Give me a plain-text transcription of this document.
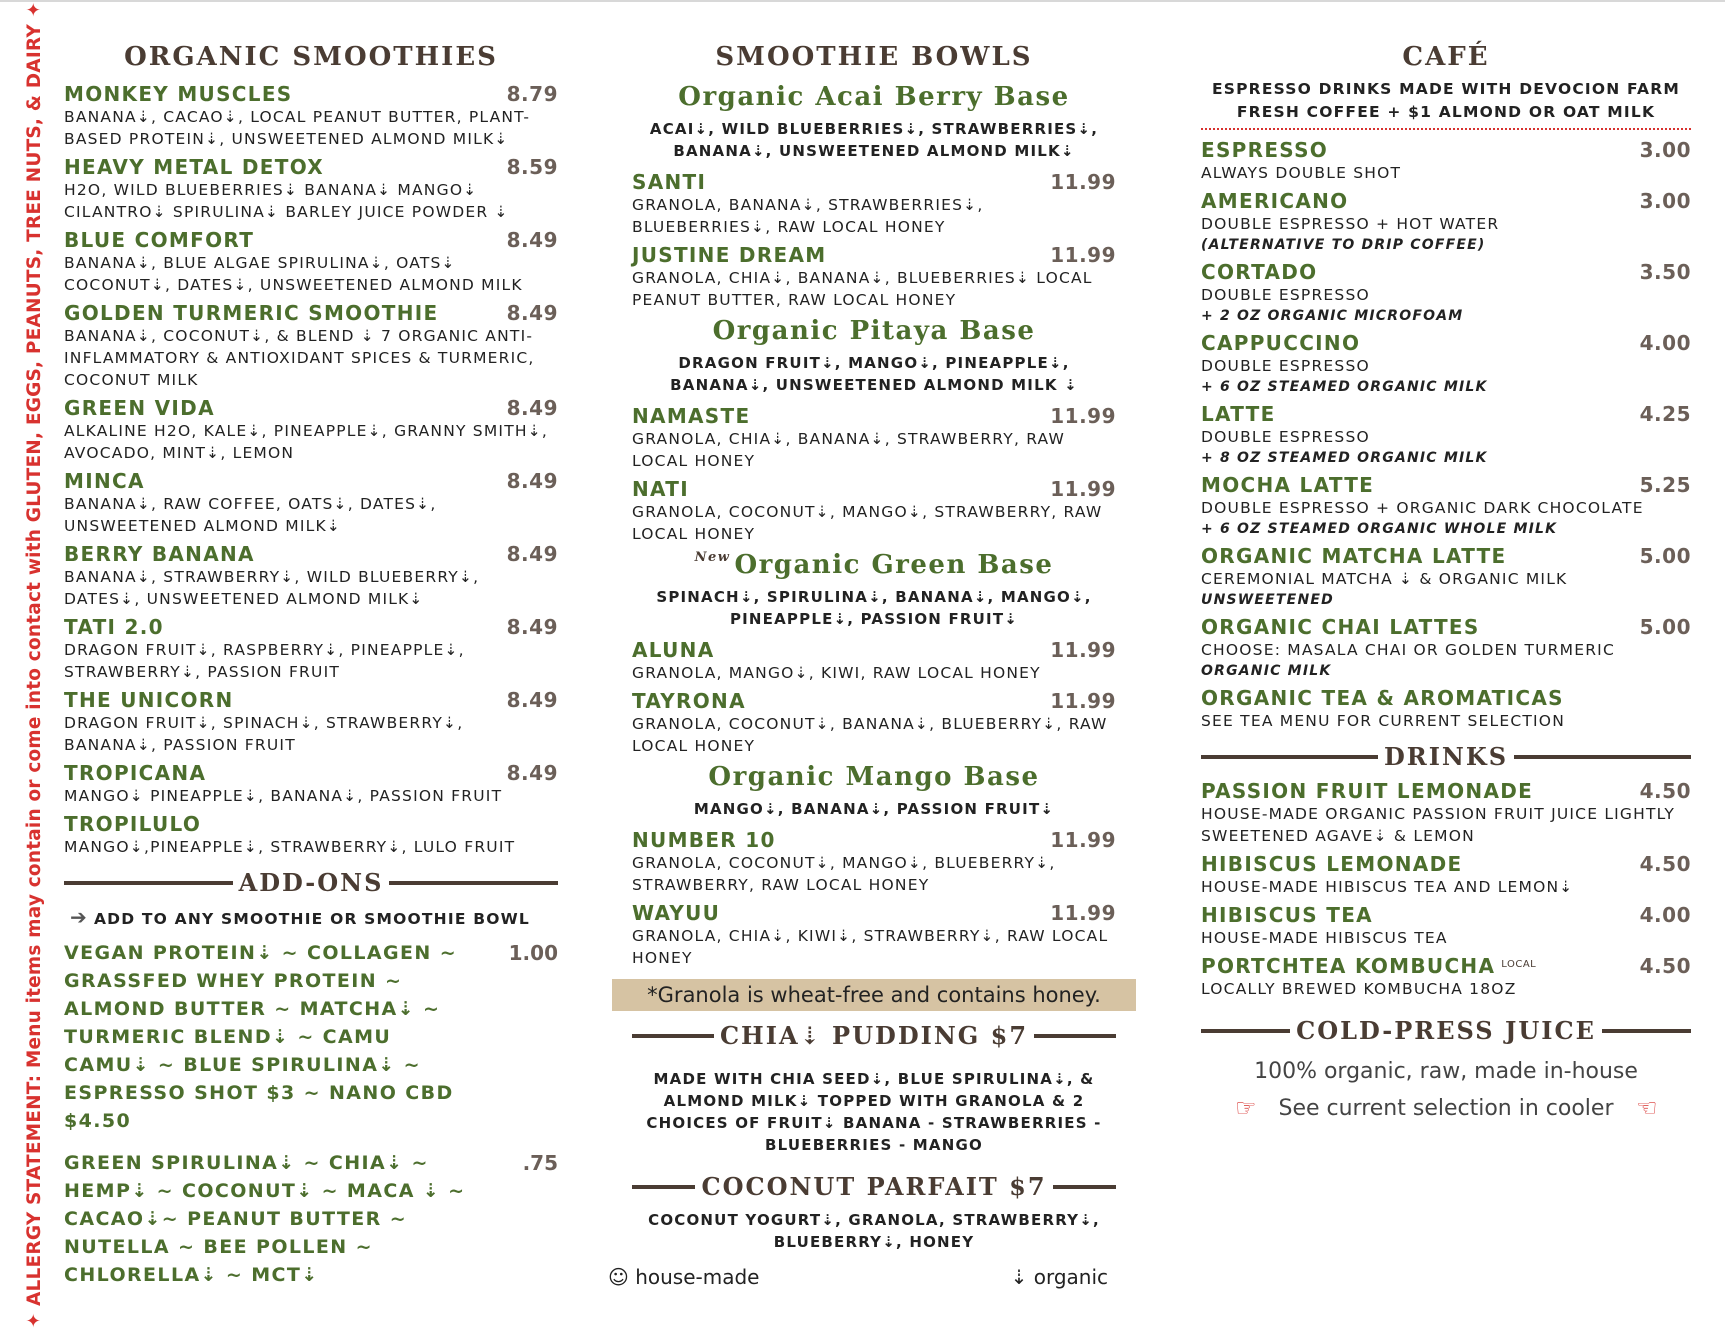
✦ ALLERGY STATEMENT: Menu items may contain or come into contact with GLUTEN, EGGS, PEANUTS, TREE NUTS, & DAIRY ✦	ORGANIC SMOOTHIES
MONKEY MUSCLES	8.79
BANANA⇣, CACAO⇣, LOCAL PEANUT BUTTER, PLANT-BASED PROTEIN⇣, UNSWEETENED ALMOND MILK⇣
HEAVY METAL DETOX	8.59
H2O, WILD BLUEBERRIES⇣ BANANA⇣ MANGO⇣ CILANTRO⇣ SPIRULINA⇣ BARLEY JUICE POWDER ⇣
BLUE COMFORT	8.49
BANANA⇣, BLUE ALGAE SPIRULINA⇣, OATS⇣ COCONUT⇣, DATES⇣, UNSWEETENED ALMOND MILK
GOLDEN TURMERIC SMOOTHIE	8.49
BANANA⇣, COCONUT⇣, & BLEND ⇣ 7 ORGANIC ANTI-INFLAMMATORY & ANTIOXIDANT SPICES & TURMERIC, COCONUT MILK
GREEN VIDA	8.49
ALKALINE H2O, KALE⇣, PINEAPPLE⇣, GRANNY SMITH⇣, AVOCADO, MINT⇣, LEMON
MINCA	8.49
BANANA⇣, RAW COFFEE, OATS⇣, DATES⇣, UNSWEETENED ALMOND MILK⇣
BERRY BANANA	8.49
BANANA⇣, STRAWBERRY⇣, WILD BLUEBERRY⇣, DATES⇣, UNSWEETENED ALMOND MILK⇣
TATI 2.0	8.49
DRAGON FRUIT⇣, RASPBERRY⇣, PINEAPPLE⇣, STRAWBERRY⇣, PASSION FRUIT
THE UNICORN	8.49
DRAGON FRUIT⇣, SPINACH⇣, STRAWBERRY⇣, BANANA⇣, PASSION FRUIT
TROPICANA	8.49
MANGO⇣ PINEAPPLE⇣, BANANA⇣, PASSION FRUIT
TROPILULO
MANGO⇣,PINEAPPLE⇣, STRAWBERRY⇣, LULO FRUIT
ADD-ONS
➔ ADD TO ANY SMOOTHIE OR SMOOTHIE BOWL
VEGAN PROTEIN⇣ ~ COLLAGEN ~ GRASSFED WHEY PROTEIN ~ ALMOND BUTTER ~ MATCHA⇣ ~ TURMERIC BLEND⇣ ~ CAMU CAMU⇣ ~ BLUE SPIRULINA⇣ ~ ESPRESSO SHOT $3 ~ NANO CBD $4.50
1.00
GREEN SPIRULINA⇣ ~ CHIA⇣ ~ HEMP⇣ ~ COCONUT⇣ ~ MACA ⇣ ~ CACAO⇣~ PEANUT BUTTER ~ NUTELLA ~ BEE POLLEN ~ CHLORELLA⇣ ~ MCT⇣
.75
SMOOTHIE BOWLS
Organic Acai Berry Base
ACAI⇣, WILD BLUEBERRIES⇣, STRAWBERRIES⇣, BANANA⇣, UNSWEETENED ALMOND MILK⇣
SANTI	11.99
GRANOLA, BANANA⇣, STRAWBERRIES⇣, BLUEBERRIES⇣, RAW LOCAL HONEY
JUSTINE DREAM	11.99
GRANOLA, CHIA⇣, BANANA⇣, BLUEBERRIES⇣ LOCAL PEANUT BUTTER, RAW LOCAL HONEY
Organic Pitaya Base
DRAGON FRUIT⇣, MANGO⇣, PINEAPPLE⇣, BANANA⇣, UNSWEETENED ALMOND MILK ⇣
NAMASTE	11.99
GRANOLA, CHIA⇣, BANANA⇣, STRAWBERRY, RAW LOCAL HONEY
NATI	11.99
GRANOLA, COCONUT⇣, MANGO⇣, STRAWBERRY, RAW LOCAL HONEY
$^{New}$ Organic Green Base
SPINACH⇣, SPIRULINA⇣, BANANA⇣, MANGO⇣, PINEAPPLE⇣, PASSION FRUIT⇣
ALUNA	11.99
GRANOLA, MANGO⇣, KIWI, RAW LOCAL HONEY
TAYRONA	11.99
GRANOLA, COCONUT⇣, BANANA⇣, BLUEBERRY⇣, RAW LOCAL HONEY
Organic Mango Base
MANGO⇣, BANANA⇣, PASSION FRUIT⇣
NUMBER 10	11.99
GRANOLA, COCONUT⇣, MANGO⇣, BLUEBERRY⇣, STRAWBERRY, RAW LOCAL HONEY
WAYUU	11.99
GRANOLA, CHIA⇣, KIWI⇣, STRAWBERRY⇣, RAW LOCAL HONEY
*Granola is wheat-free and contains honey.
CHIA⇣ PUDDING $7
MADE WITH CHIA SEED⇣, BLUE SPIRULINA⇣, & ALMOND MILK⇣ TOPPED WITH GRANOLA & 2 CHOICES OF FRUIT⇣ BANANA - STRAWBERRIES - BLUEBERRIES - MANGO
COCONUT PARFAIT $7
COCONUT YOGURT⇣, GRANOLA, STRAWBERRY⇣, BLUEBERRY⇣, HONEY
☺ house-made	⇣ organic
CAFÉ
ESPRESSO DRINKS MADE WITH DEVOCION FARM FRESH COFFEE + $1 ALMOND OR OAT MILK
ESPRESSO	3.00
ALWAYS DOUBLE SHOT
AMERICANO	3.00
DOUBLE ESPRESSO + HOT WATER
(ALTERNATIVE TO DRIP COFFEE)
CORTADO	3.50
DOUBLE ESPRESSO
+ 2 OZ ORGANIC MICROFOAM
CAPPUCCINO	4.00
DOUBLE ESPRESSO
+ 6 OZ STEAMED ORGANIC MILK
LATTE	4.25
DOUBLE ESPRESSO
+ 8 OZ STEAMED ORGANIC MILK
MOCHA LATTE	5.25
DOUBLE ESPRESSO + ORGANIC DARK CHOCOLATE
+ 6 OZ STEAMED ORGANIC WHOLE MILK
ORGANIC MATCHA LATTE	5.00
CEREMONIAL MATCHA ⇣ & ORGANIC MILK
UNSWEETENED
ORGANIC CHAI LATTES	5.00
CHOOSE: MASALA CHAI OR GOLDEN TURMERIC
ORGANIC MILK
ORGANIC TEA & AROMATICAS
SEE TEA MENU FOR CURRENT SELECTION
DRINKS
PASSION FRUIT LEMONADE	4.50
HOUSE-MADE ORGANIC PASSION FRUIT JUICE LIGHTLY SWEETENED AGAVE⇣ & LEMON
HIBISCUS LEMONADE	4.50
HOUSE-MADE HIBISCUS TEA AND LEMON⇣
HIBISCUS TEA	4.00
HOUSE-MADE HIBISCUS TEA
PORTCHTEA KOMBUCHA $^{LOCAL}$	4.50
LOCALLY BREWED KOMBUCHA 18OZ
COLD-PRESS JUICE
100% organic, raw, made in-house
☞ See current selection in cooler ☞
